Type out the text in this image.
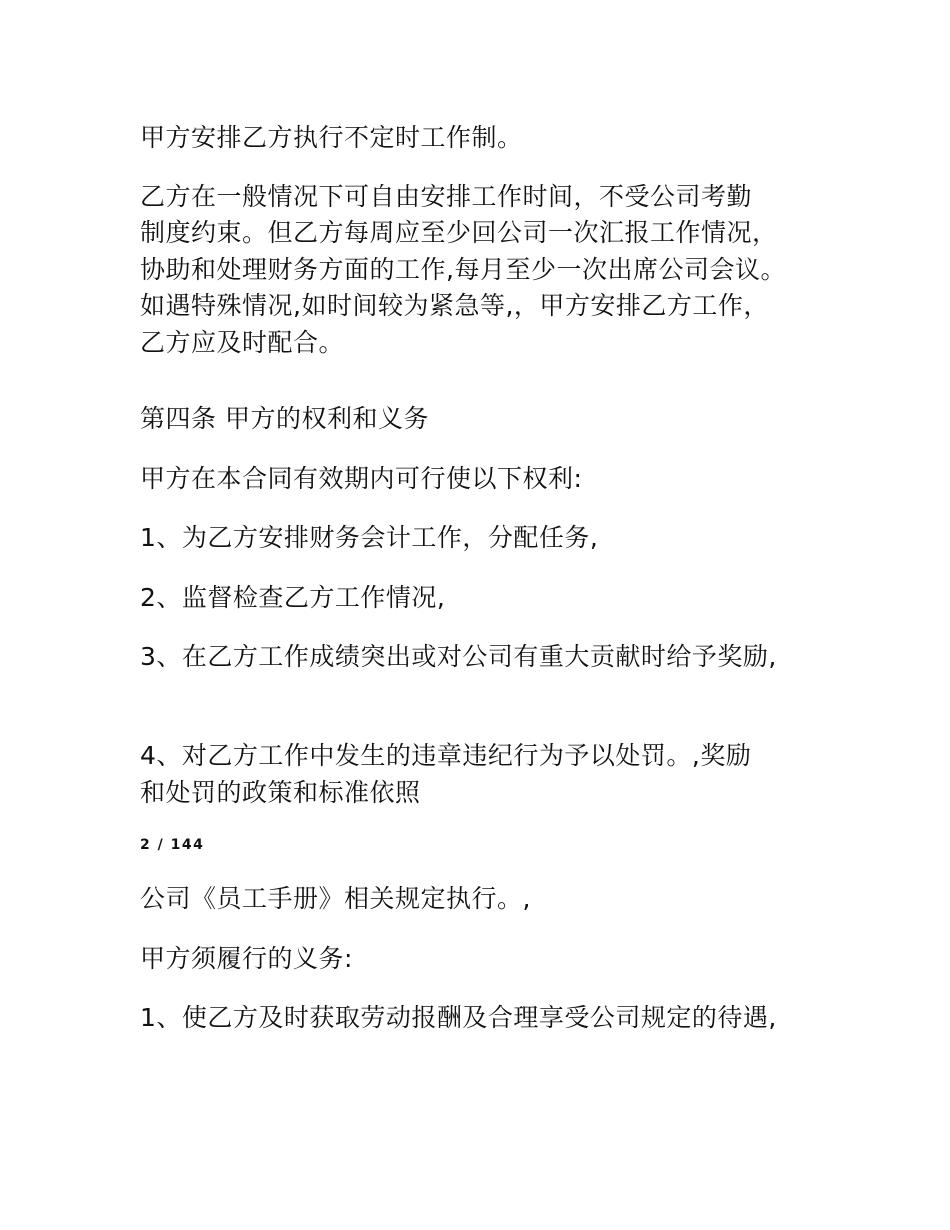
甲方安排乙方执行不定时工作制。
乙方在一般情况下可自由安排工作时间，不受公司考勤
制度约束。但乙方每周应至少回公司一次汇报工作情况，
协助和处理财务方面的工作,每月至少一次出席公司会议。
如遇特殊情况,如时间较为紧急等,，甲方安排乙方工作，
乙方应及时配合。
第四条 甲方的权利和义务
甲方在本合同有效期内可行使以下权利:
1、为乙方安排财务会计工作，分配任务,
2、监督检查乙方工作情况,
3、在乙方工作成绩突出或对公司有重大贡献时给予奖励,
4、对乙方工作中发生的违章违纪行为予以处罚。,奖励
和处罚的政策和标准依照
2 / 144
公司《员工手册》相关规定执行。,
甲方须履行的义务:
1、使乙方及时获取劳动报酬及合理享受公司规定的待遇,
